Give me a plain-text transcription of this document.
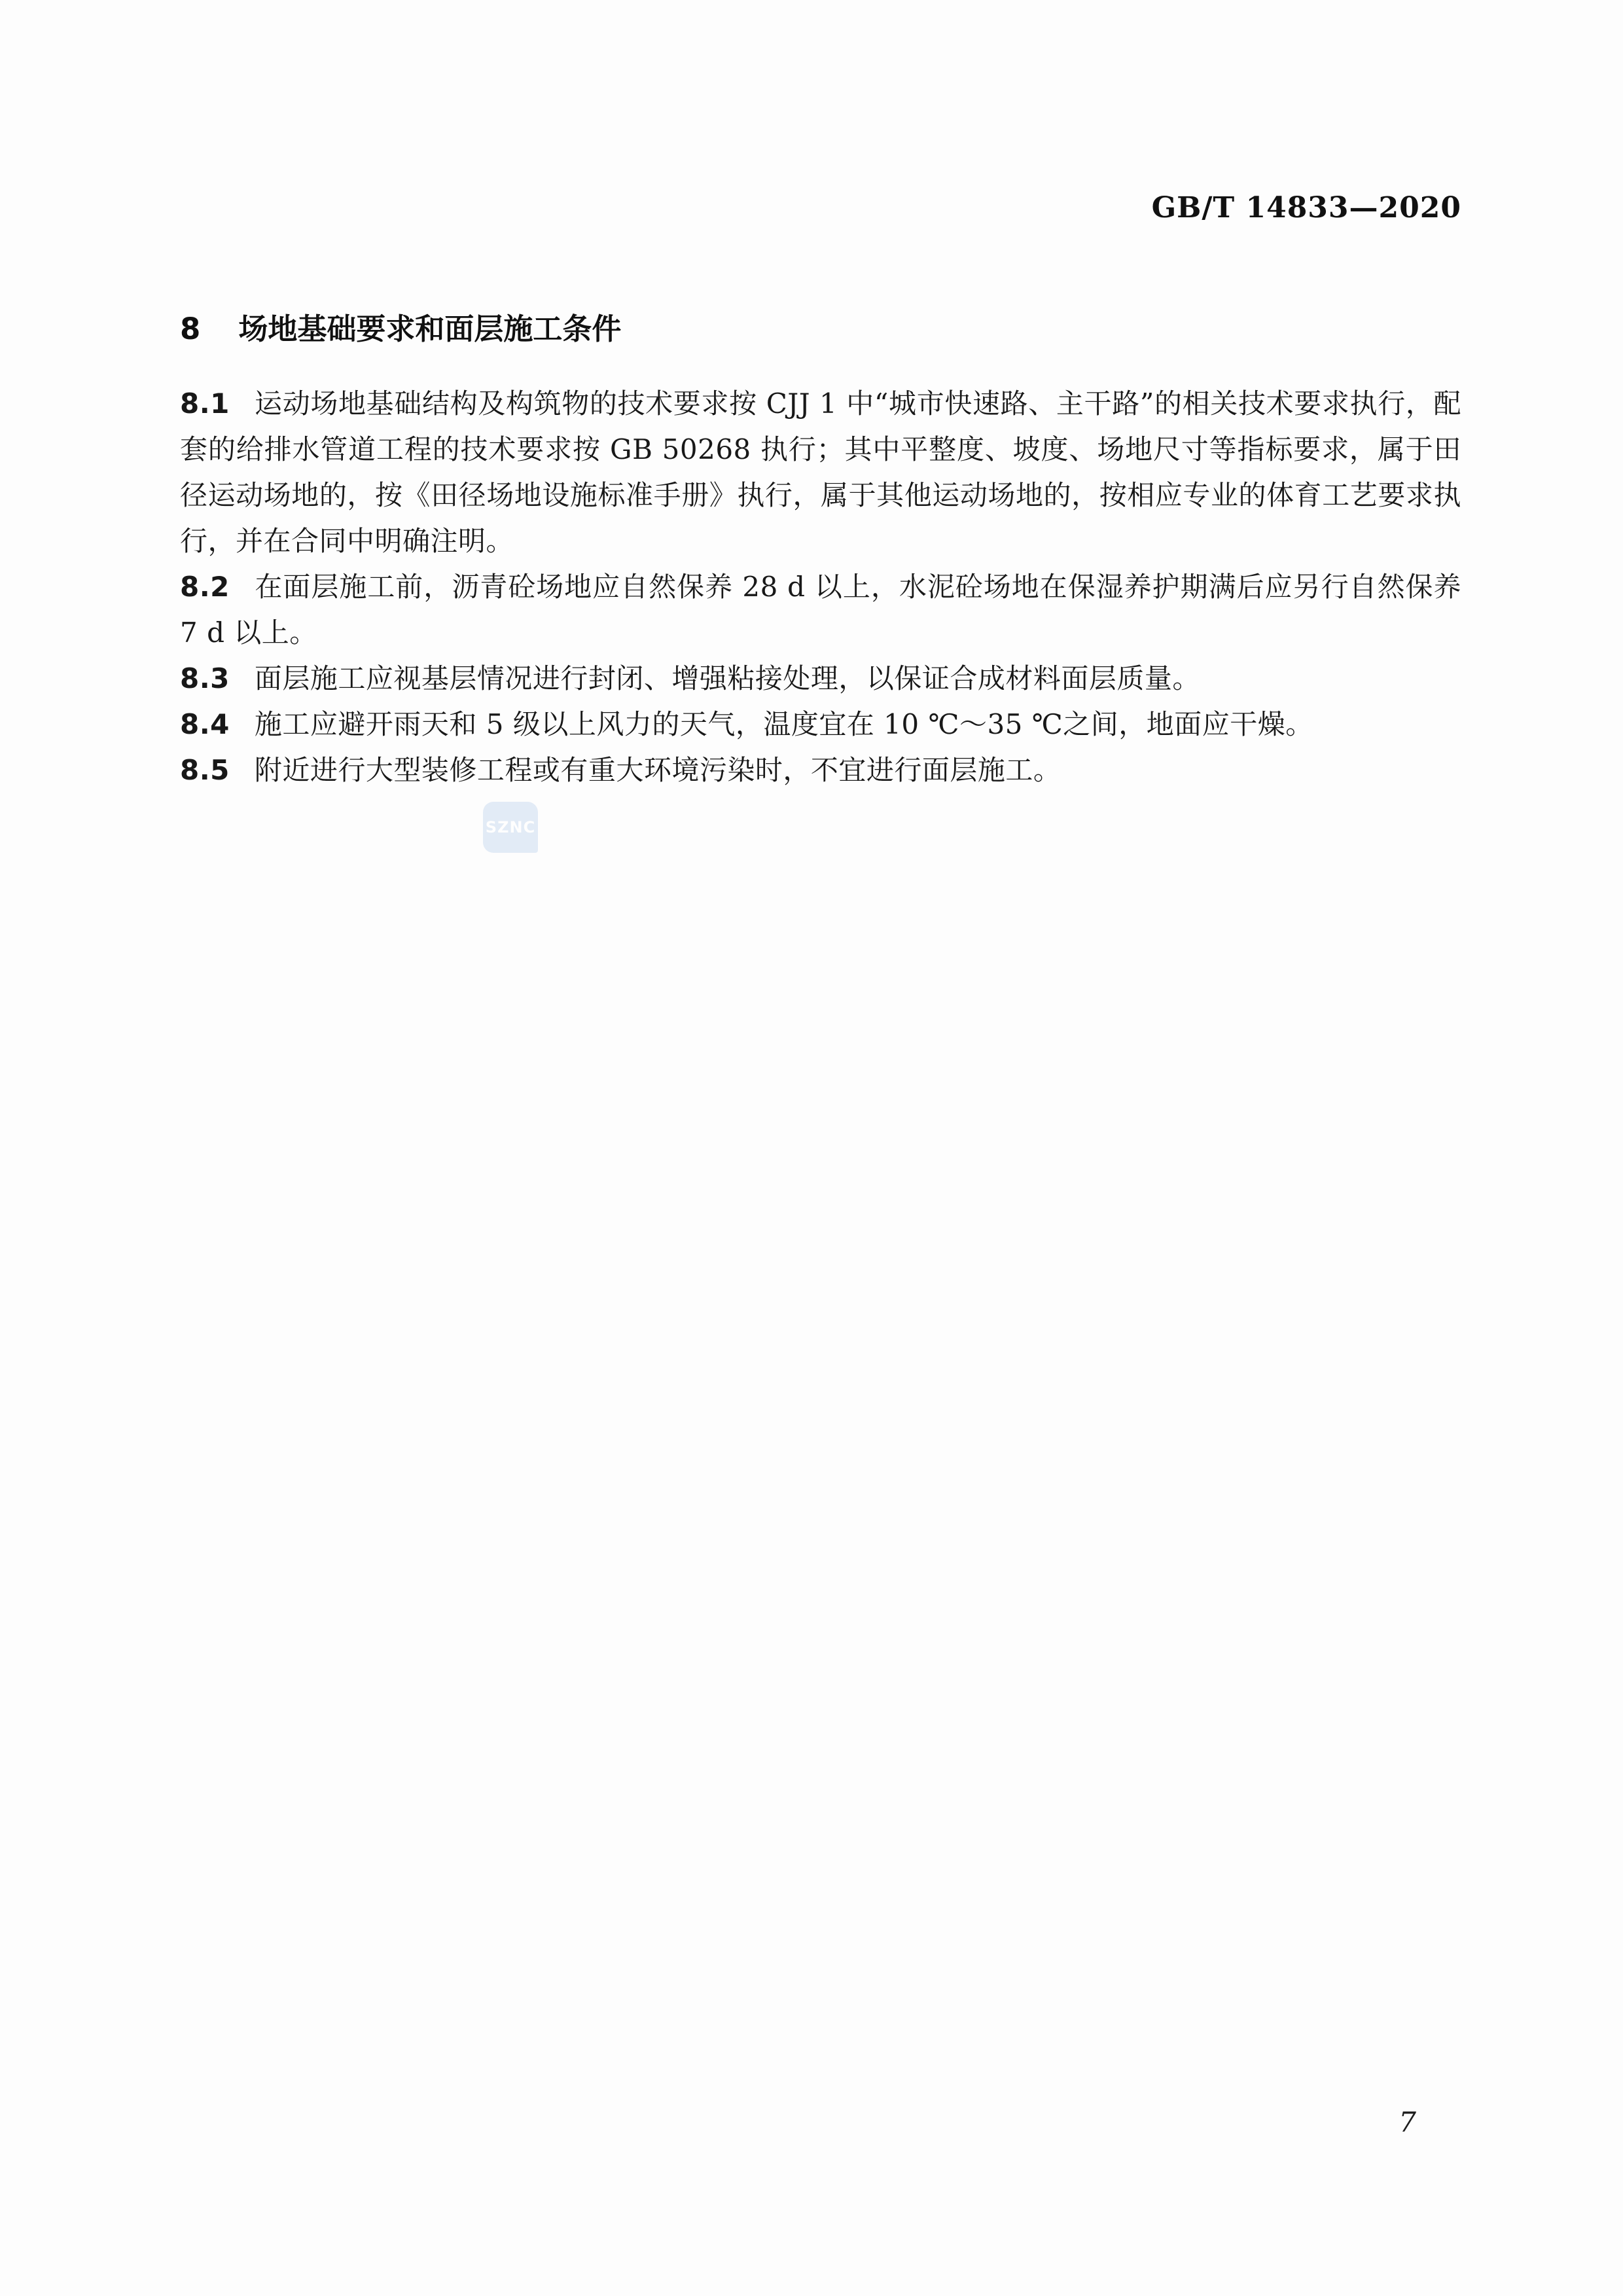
GB/T 14833—2020
8 场地基础要求和面层施工条件

8.1 运动场地基础结构及构筑物的技术要求按 CJJ 1 中“城市快速路、主干路”的相关技术要求执行，配套的给排水管道工程的技术要求按 GB 50268 执行；其中平整度、坡度、场地尺寸等指标要求，属于田径运动场地的，按《田径场地设施标准手册》执行，属于其他运动场地的，按相应专业的体育工艺要求执行，并在合同中明确注明。

8.2 在面层施工前，沥青砼场地应自然保养 28 d 以上，水泥砼场地在保湿养护期满后应另行自然保养 7 d 以上。

8.3 面层施工应视基层情况进行封闭、增强粘接处理，以保证合成材料面层质量。

8.4 施工应避开雨天和 5 级以上风力的天气，温度宜在 10 ℃～35 ℃之间，地面应干燥。

8.5 附近进行大型装修工程或有重大环境污染时，不宜进行面层施工。

SZNC
7
